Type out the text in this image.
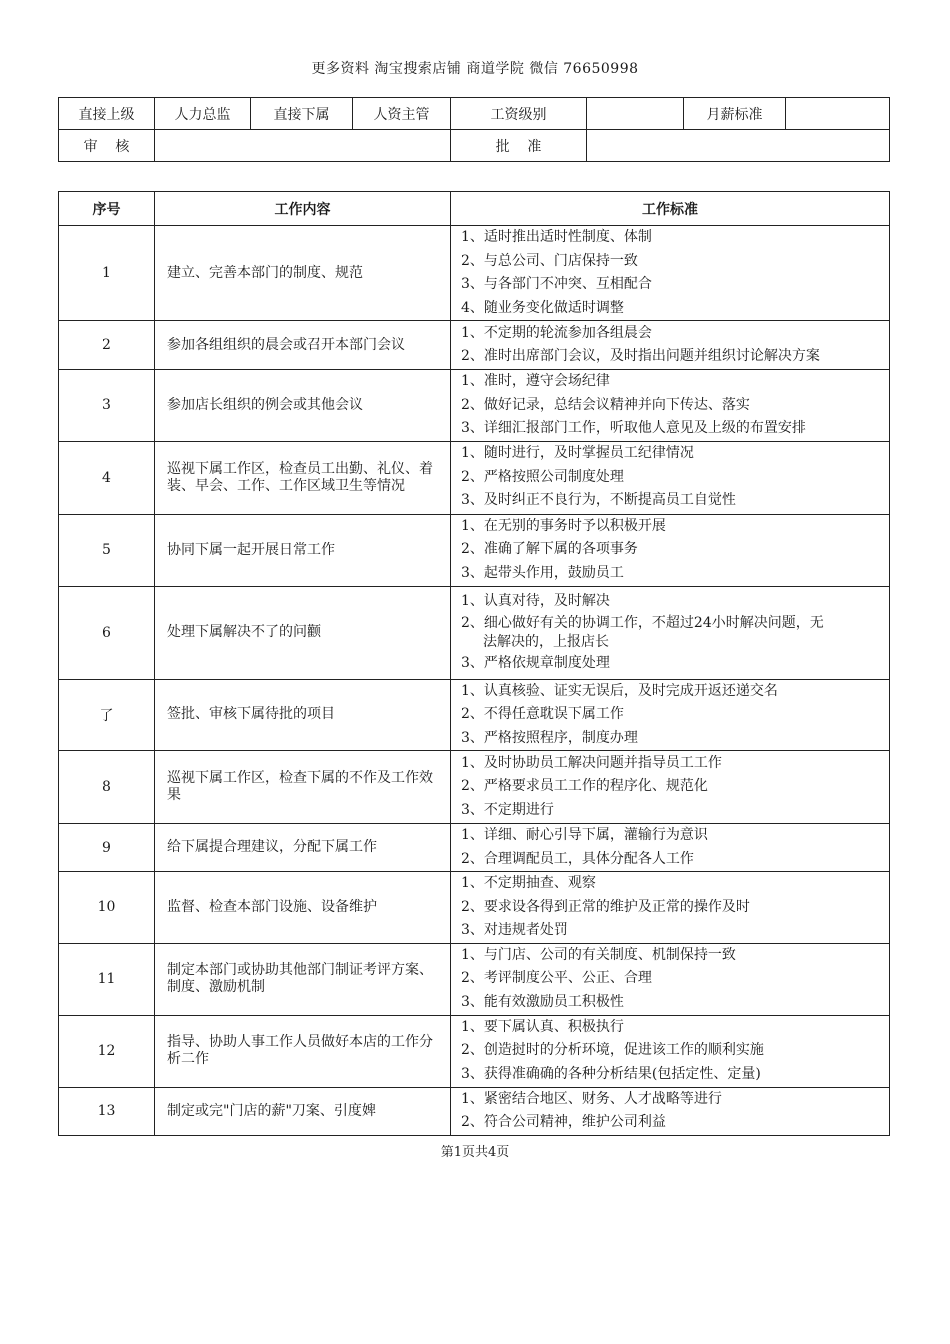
更多资料 淘宝搜索店铺 商道学院 微信 76650998
直接上级	人力总监	直接下属	人资主管	工资级别		月薪标准	
审    核				批    准			
序号	工作内容	工作标准
1	建立、完善本部门的制度、规范	1、适时推出适时性制度、体制
2、与总公司、门店保持一致
3、与各部门不冲突、互相配合
4、随业务变化做适时调整

2	参加各组组织的晨会或召开本部门会议	1、不定期的轮流参加各组晨会
2、准时出席部门会议，及时指出问题并组织讨论解决方案

3	参加店长组织的例会或其他会议	1、准时，遵守会场纪律
2、做好记录，总结会议精神并向下传达、落实
3、详细汇报部门工作，听取他人意见及上级的布置安排

4	巡视下属工作区，检查员工出勤、礼仪、着装、早会、工作、工作区域卫生等情况	1、随时进行，及时掌握员工纪律情况
2、严格按照公司制度处理
3、及时纠正不良行为，不断提高员工自觉性

5	协同下属一起开展日常工作	1、在无别的事务时予以积极开展
2、准确了解下属的各项事务
3、起带头作用，鼓励员工

6	处理下属解决不了的问颧	1、认真对待，及时解决
2、细心做好有关的协调工作，不超过24小时解决问题，无
法解决的，上报店长
3、严格依规章制度处理

了	签批、审核下属待批的项目	1、认真核验、证实无误后，及时完成开返还递交名
2、不得任意耽误下属工作
3、严格按照程序，制度办理

8	巡视下属工作区，检查下属的不作及工作效果	1、及时协助员工解决问题并指导员工工作
2、严格要求员工工作的程序化、规范化
3、不定期进行

9	给下属提合理建议，分配下属工作	1、详细、耐心引导下属，灌输行为意识
2、合理调配员工，具体分配各人工作

10	监督、检查本部门设施、设备维护	1、不定期抽查、观察
2、要求设各得到正常的维护及正常的操作及时
3、对违规者处罚

11	制定本部门或协助其他部门制证考评方案、制度、激励机制	1、与门店、公司的有关制度、机制保持一致
2、考评制度公平、公正、合理
3、能有效激励员工积极性

12	指导、协助人事工作人员做好本店的工作分析二作	1、要下属认真、积极执行
2、创造挝时的分析环境，促进该工作的顺利实施
3、获得准确确的各种分析结果(包括定性、定量)

13	制定或完"门店的薪"刀案、引度婢	1、紧密结合地区、财务、人才战略等进行
2、符合公司精神，维护公司利益
第1页共4页
